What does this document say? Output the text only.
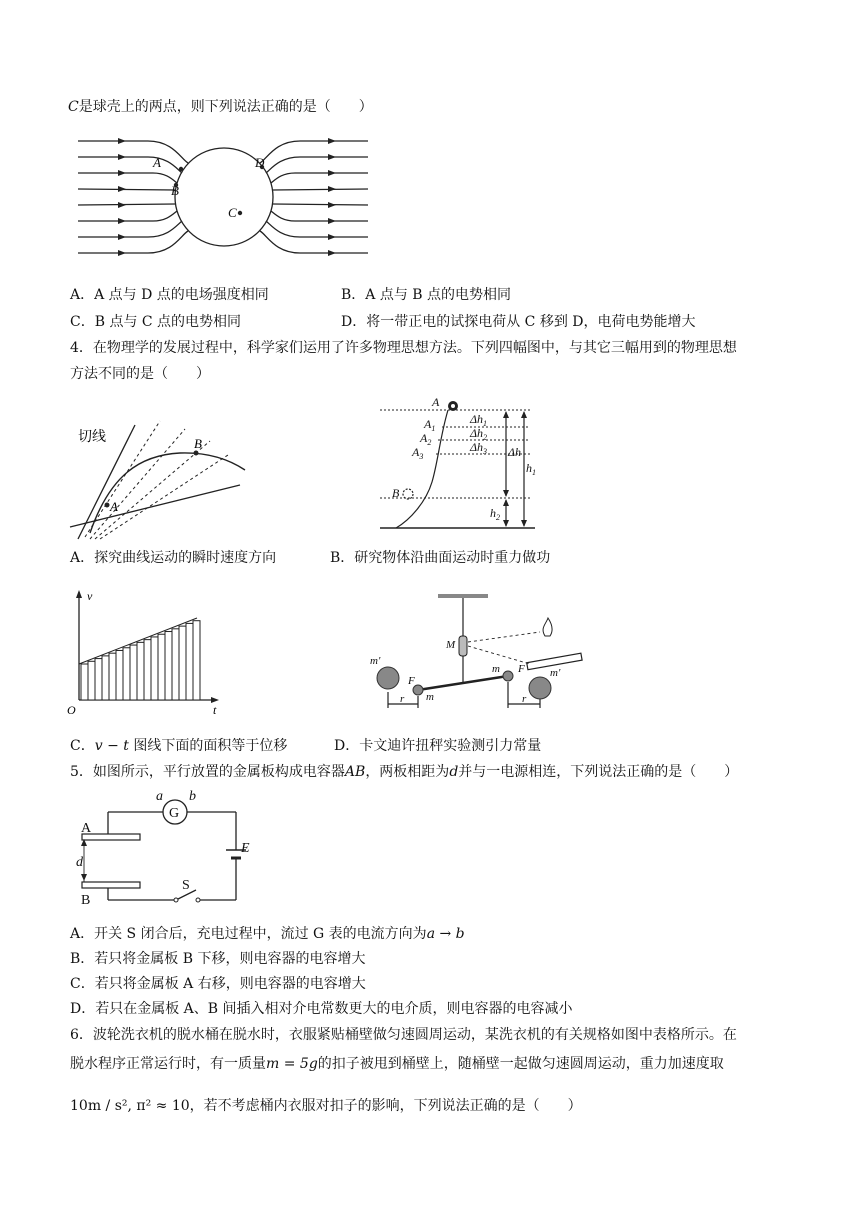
C是球壳上的两点，则下列说法正确的是（　　）
A
B
C
D
A．A 点与 D 点的电场强度相同	B．A 点与 B 点的电势相同
C．B 点与 C 点的电势相同	D．将一带正电的试探电荷从 C 移到 D，电荷电势能增大
4．在物理学的发展过程中，科学家们运用了许多物理思想方法。下列四幅图中，与其它三幅用到的物理思想
方法不同的是（　　）
切线
A
B
A
$A_1$
$A_2$
$A_3$
B
$\Delta h_1$
$\Delta h_2$
$\Delta h_3$ Δh
$h_1$
$h_2$
A．探究曲线运动的瞬时速度方向	B．研究物体沿曲面运动时重力做功
v
O	t
M
m'
m'
m
m
F
F
r	r
C．v − t 图线下面的面积等于位移	D．卡文迪许扭秤实验测引力常量
5．如图所示，平行放置的金属板构成电容器AB，两板相距为d并与一电源相连，下列说法正确的是（　　）
a
G
b
A
d
B
E
S
A．开关 S 闭合后，充电过程中，流过 G 表的电流方向为a → b
B．若只将金属板 B 下移，则电容器的电容增大
C．若只将金属板 A 右移，则电容器的电容增大
D．若只在金属板 A、B 间插入相对介电常数更大的电介质，则电容器的电容减小
6．波轮洗衣机的脱水桶在脱水时，衣服紧贴桶壁做匀速圆周运动，某洗衣机的有关规格如图中表格所示。在
脱水程序正常运行时，有一质量m = 5g的扣子被甩到桶壁上，随桶壁一起做匀速圆周运动，重力加速度取
10m / s², π² ≈ 10，若不考虑桶内衣服对扣子的影响，下列说法正确的是（　　）
